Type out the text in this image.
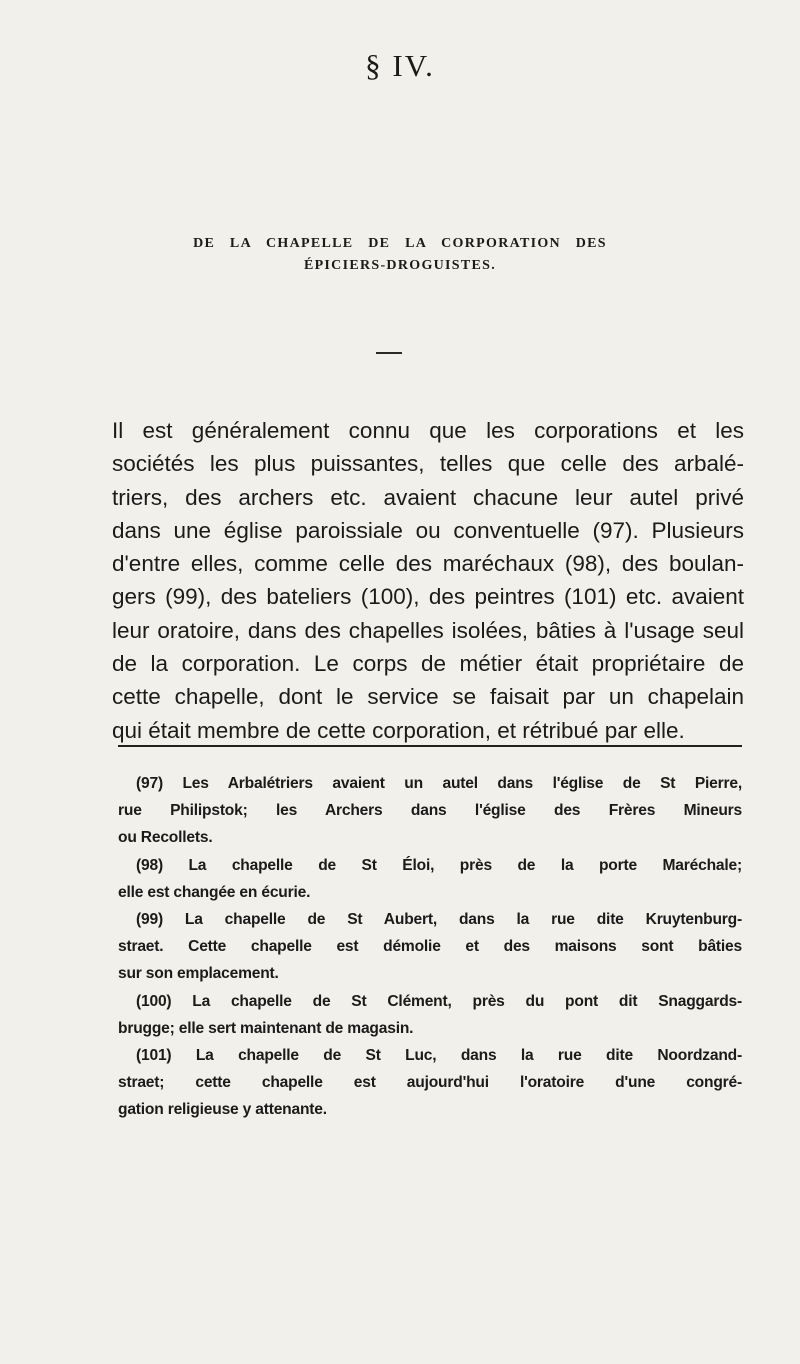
§ IV.
DE LA CHAPELLE DE LA CORPORATION DES
ÉPICIERS-DROGUISTES.
Il est généralement connu que les corporations et les
sociétés les plus puissantes, telles que celle des arbalé-
triers, des archers etc. avaient chacune leur autel privé
dans une église paroissiale ou conventuelle (97). Plusieurs
d'entre elles, comme celle des maréchaux (98), des boulan-
gers (99), des bateliers (100), des peintres (101) etc. avaient
leur oratoire, dans des chapelles isolées, bâties à l'usage seul
de la corporation. Le corps de métier était propriétaire de
cette chapelle, dont le service se faisait par un chapelain
qui était membre de cette corporation, et rétribué par elle.
(97) Les Arbalétriers avaient un autel dans l'église de St Pierre,
rue Philipstok; les Archers dans l'église des Frères Mineurs
ou Recollets.
(98) La chapelle de St Éloi, près de la porte Maréchale;
elle est changée en écurie.
(99) La chapelle de St Aubert, dans la rue dite Kruytenburg-
straet. Cette chapelle est démolie et des maisons sont bâties
sur son emplacement.
(100) La chapelle de St Clément, près du pont dit Snaggards-
brugge; elle sert maintenant de magasin.
(101) La chapelle de St Luc, dans la rue dite Noordzand-
straet; cette chapelle est aujourd'hui l'oratoire d'une congré-
gation religieuse y attenante.
